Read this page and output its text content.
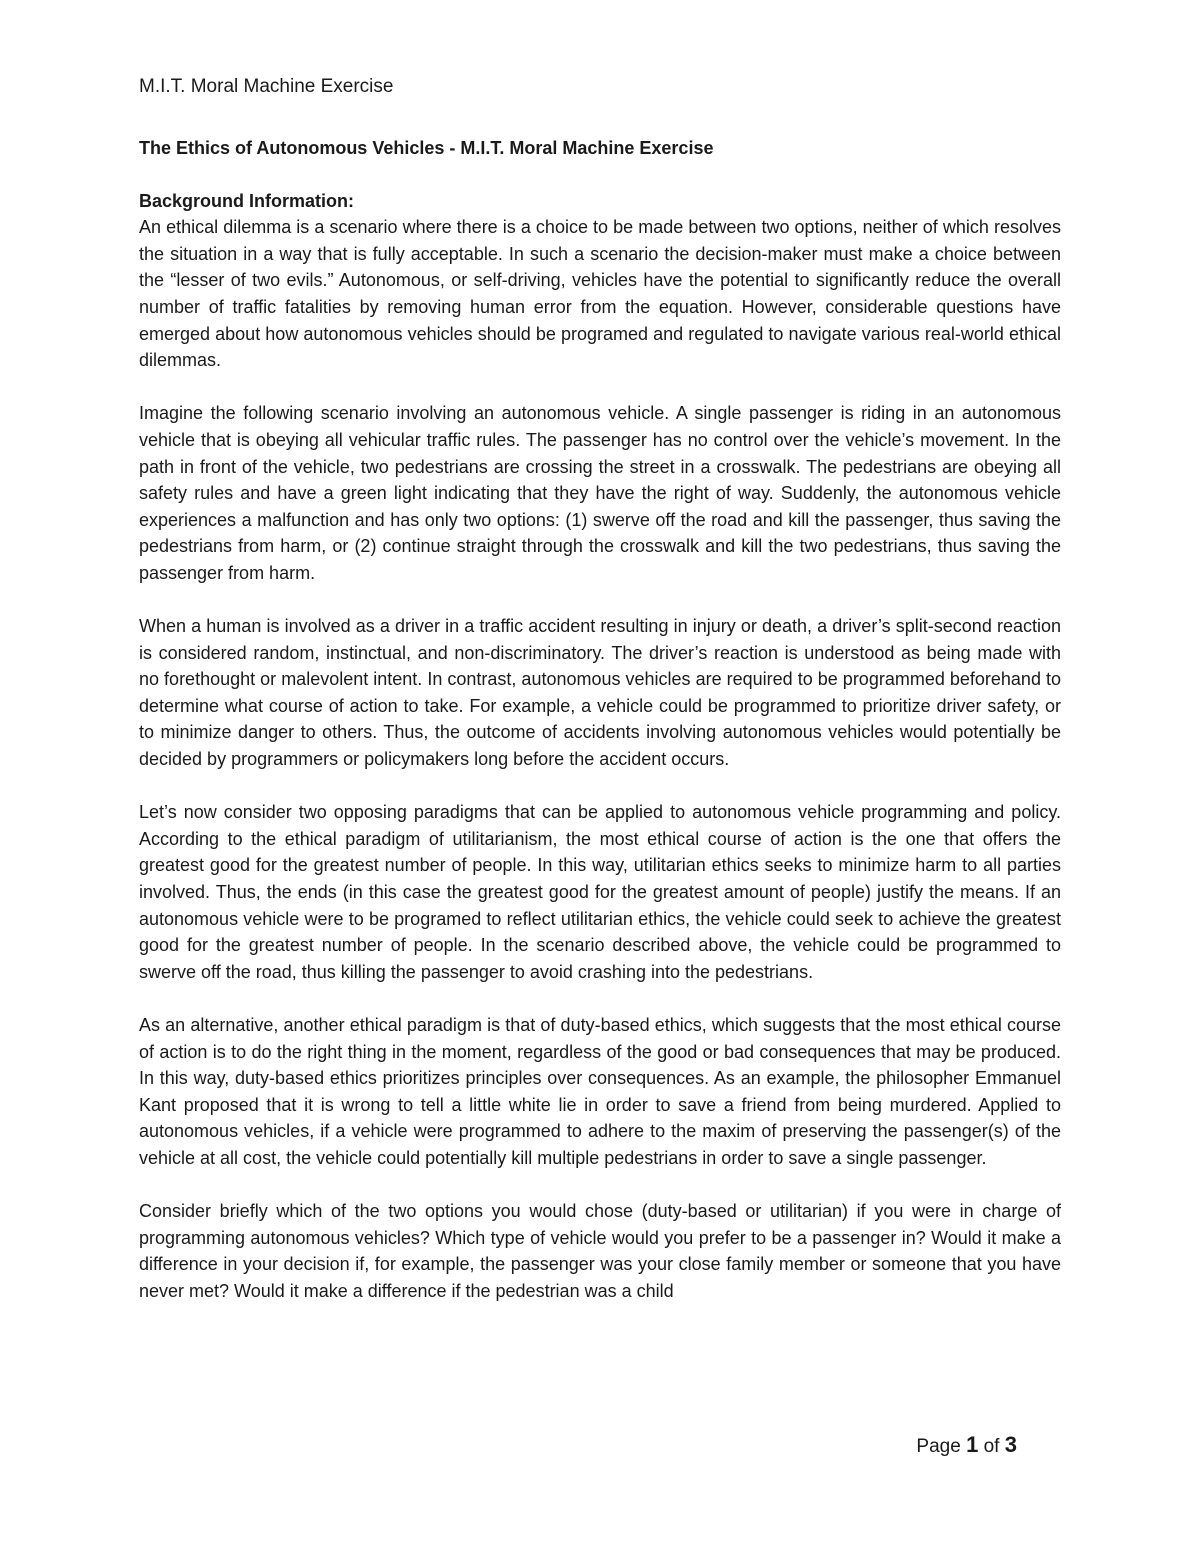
M.I.T. Moral Machine Exercise
The Ethics of Autonomous Vehicles - M.I.T. Moral Machine Exercise
Background Information:

An ethical dilemma is a scenario where there is a choice to be made between two options, neither of which resolves the situation in a way that is fully acceptable. In such a scenario the decision-maker must make a choice between the “lesser of two evils.” Autonomous, or self-driving, vehicles have the potential to significantly reduce the overall number of traffic fatalities by removing human error from the equation. However, considerable questions have emerged about how autonomous vehicles should be programed and regulated to navigate various real-world ethical dilemmas.

Imagine the following scenario involving an autonomous vehicle. A single passenger is riding in an autonomous vehicle that is obeying all vehicular traffic rules. The passenger has no control over the vehicle’s movement. In the path in front of the vehicle, two pedestrians are crossing the street in a crosswalk. The pedestrians are obeying all safety rules and have a green light indicating that they have the right of way. Suddenly, the autonomous vehicle experiences a malfunction and has only two options: (1) swerve off the road and kill the passenger, thus saving the pedestrians from harm, or (2) continue straight through the crosswalk and kill the two pedestrians, thus saving the passenger from harm.

When a human is involved as a driver in a traffic accident resulting in injury or death, a driver’s split-second reaction is considered random, instinctual, and non-discriminatory. The driver’s reaction is understood as being made with no forethought or malevolent intent. In contrast, autonomous vehicles are required to be programmed beforehand to determine what course of action to take. For example, a vehicle could be programmed to prioritize driver safety, or to minimize danger to others. Thus, the outcome of accidents involving autonomous vehicles would potentially be decided by programmers or policymakers long before the accident occurs.

Let’s now consider two opposing paradigms that can be applied to autonomous vehicle programming and policy. According to the ethical paradigm of utilitarianism, the most ethical course of action is the one that offers the greatest good for the greatest number of people. In this way, utilitarian ethics seeks to minimize harm to all parties involved. Thus, the ends (in this case the greatest good for the greatest amount of people) justify the means. If an autonomous vehicle were to be programed to reflect utilitarian ethics, the vehicle could seek to achieve the greatest good for the greatest number of people. In the scenario described above, the vehicle could be programmed to swerve off the road, thus killing the passenger to avoid crashing into the pedestrians.

As an alternative, another ethical paradigm is that of duty-based ethics, which suggests that the most ethical course of action is to do the right thing in the moment, regardless of the good or bad consequences that may be produced. In this way, duty-based ethics prioritizes principles over consequences. As an example, the philosopher Emmanuel Kant proposed that it is wrong to tell a little white lie in order to save a friend from being murdered. Applied to autonomous vehicles, if a vehicle were programmed to adhere to the maxim of preserving the passenger(s) of the vehicle at all cost, the vehicle could potentially kill multiple pedestrians in order to save a single passenger.

Consider briefly which of the two options you would chose (duty-based or utilitarian) if you were in charge of programming autonomous vehicles? Which type of vehicle would you prefer to be a passenger in? Would it make a difference in your decision if, for example, the passenger was your close family member or someone that you have never met? Would it make a difference if the pedestrian was a child

Page 1 of 3
